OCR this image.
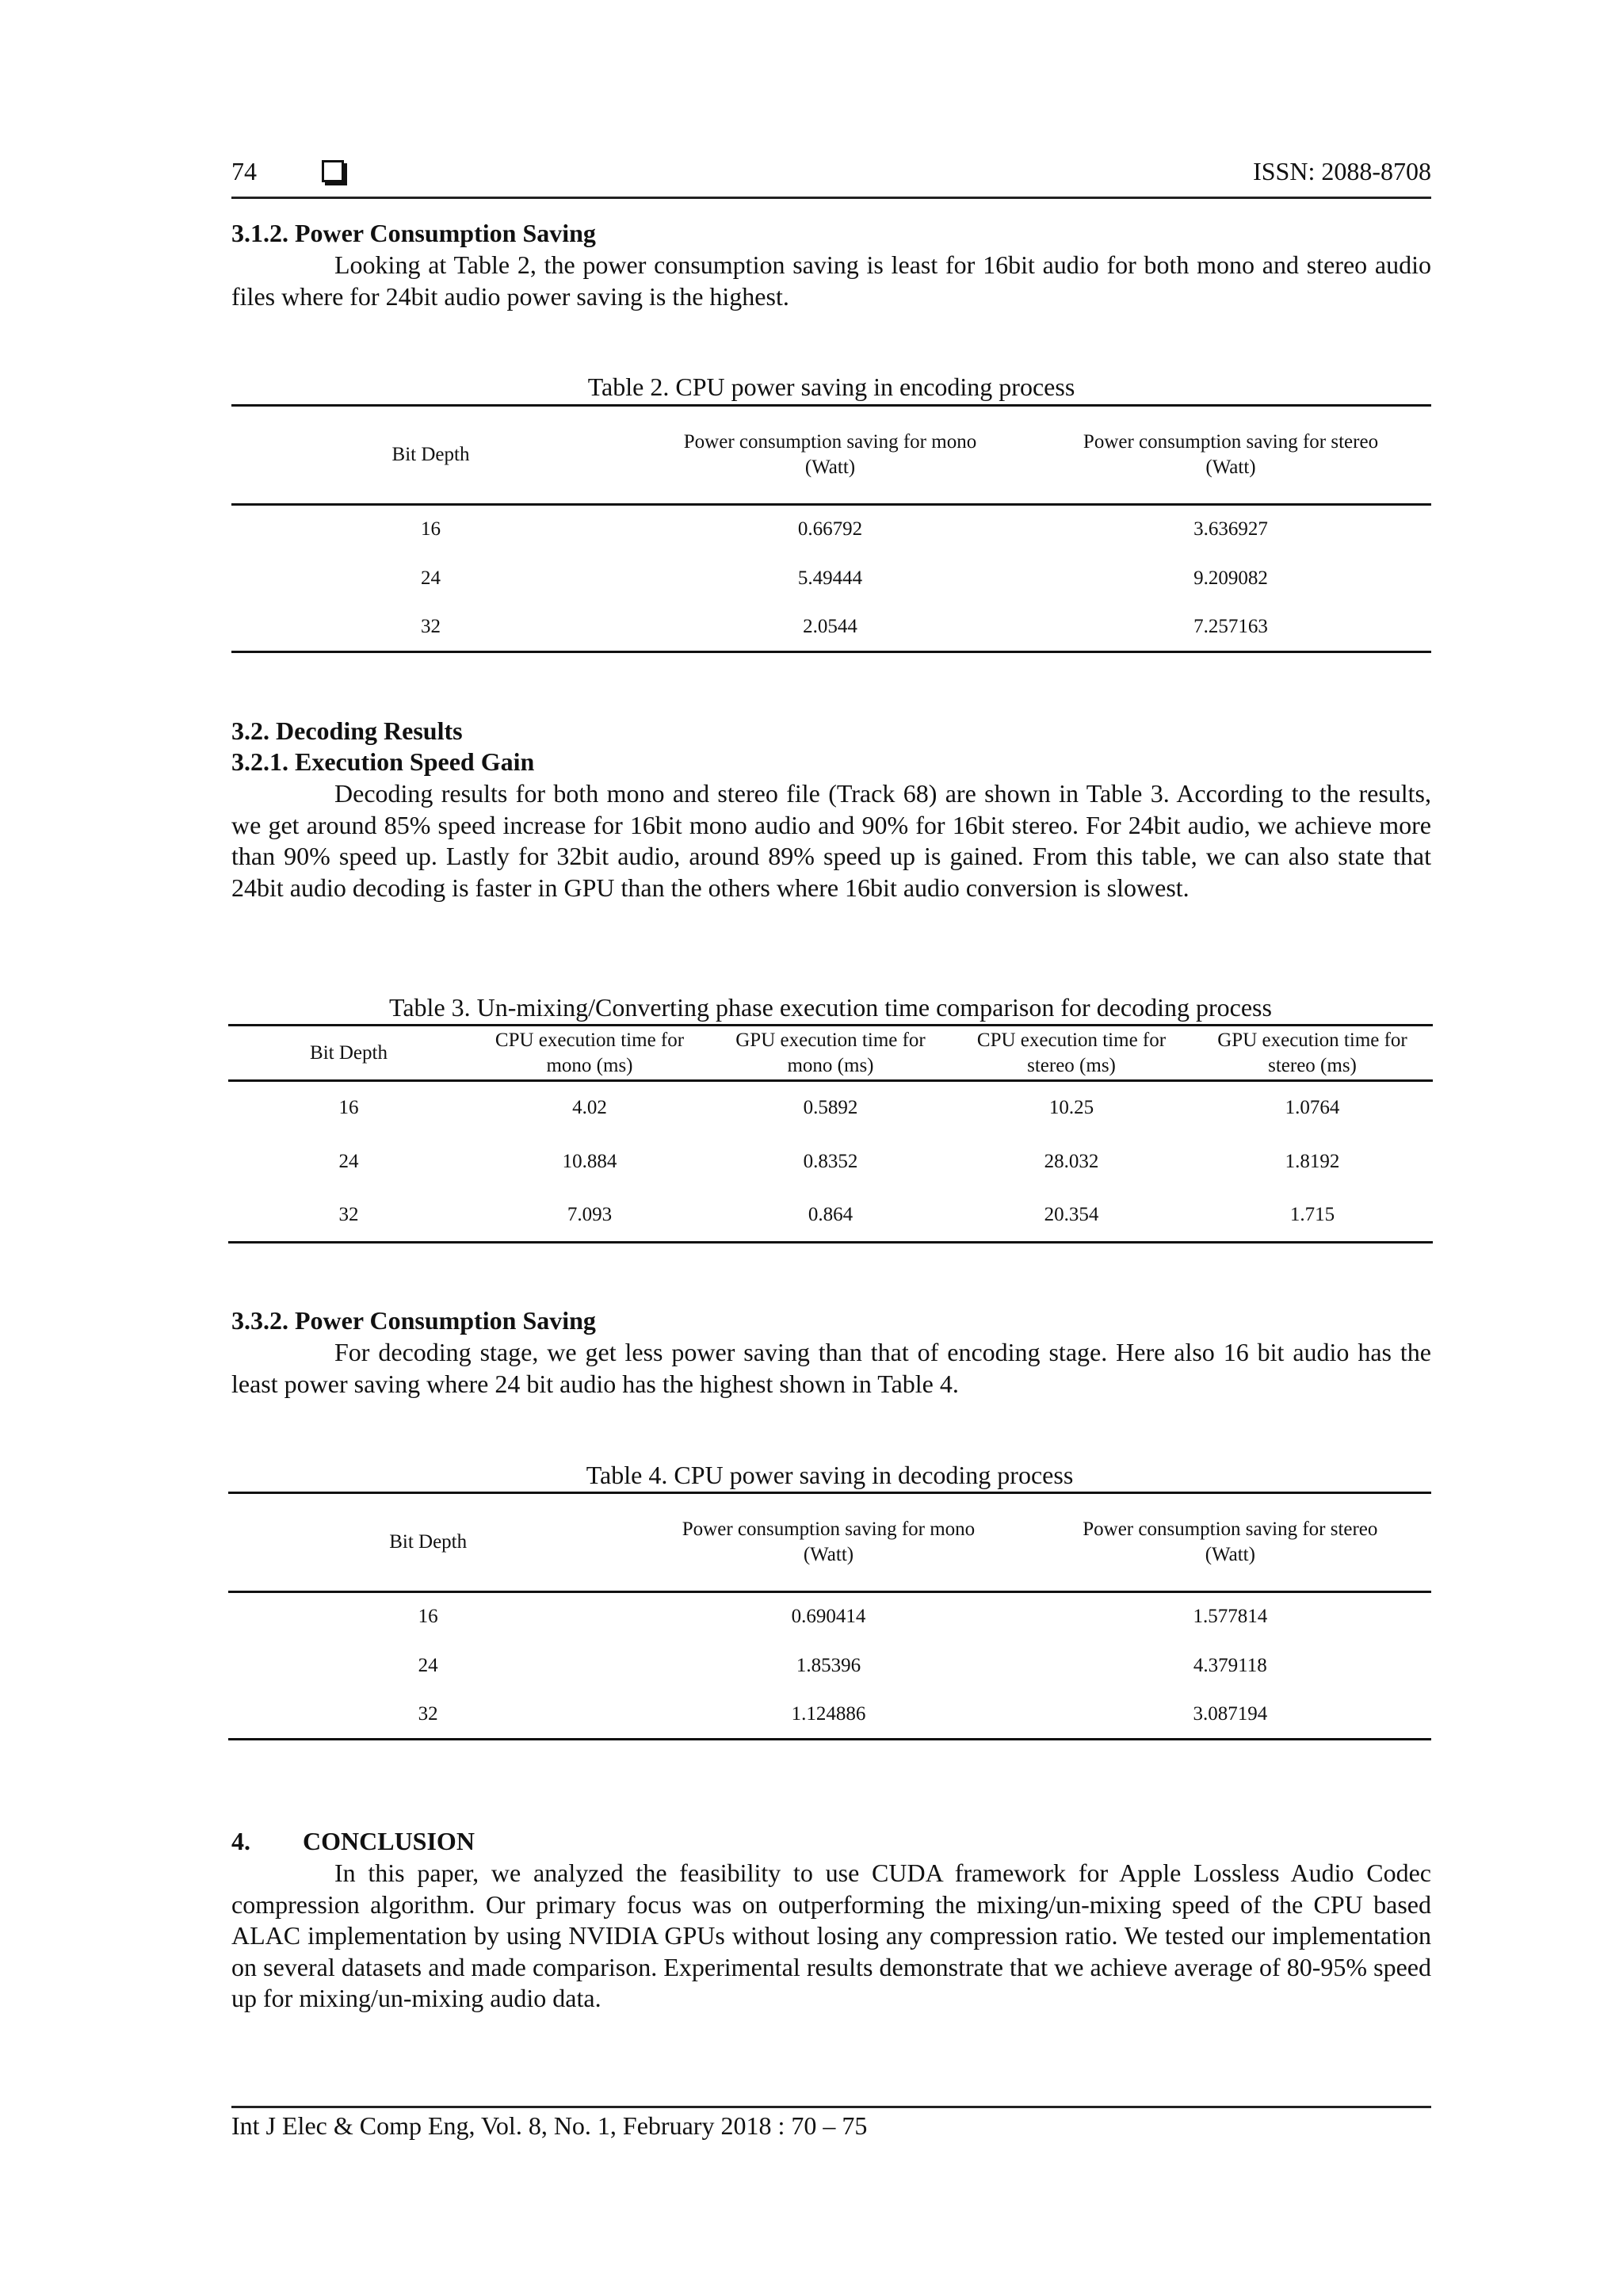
74	ISSN: 2088-8708
3.1.2. Power Consumption Saving

Looking at Table 2, the power consumption saving is least for 16bit audio for both mono and stereo audio files where for 24bit audio power saving is the highest.

Table 2. CPU power saving in encoding process
Bit Depth	Power consumption saving for mono (Watt)	Power consumption saving for stereo (Watt)

16	0.66792	3.636927
24	5.49444	9.209082
32	2.0544	7.257163
3.2. Decoding Results
3.2.1. Execution Speed Gain

Decoding results for both mono and stereo file (Track 68) are shown in Table 3. According to the results, we get around 85% speed increase for 16bit mono audio and 90% for 16bit stereo. For 24bit audio, we achieve more than 90% speed up. Lastly for 32bit audio, around 89% speed up is gained. From this table, we can also state that 24bit audio decoding is faster in GPU than the others where 16bit audio conversion is slowest.

Table 3. Un-mixing/Converting phase execution time comparison for decoding process
Bit Depth	CPU execution time for mono (ms)	GPU execution time for mono (ms)	CPU execution time for stereo (ms)	GPU execution time for stereo (ms)

16	4.02	0.5892	10.25	1.0764
24	10.884	0.8352	28.032	1.8192
32	7.093	0.864	20.354	1.715
3.3.2. Power Consumption Saving

For decoding stage, we get less power saving than that of encoding stage. Here also 16 bit audio has the least power saving where 24 bit audio has the highest shown in Table 4.

Table 4. CPU power saving in decoding process
Bit Depth	Power consumption saving for mono (Watt)	Power consumption saving for stereo (Watt)

16	0.690414	1.577814
24	1.85396	4.379118
32	1.124886	3.087194
4. CONCLUSION

In this paper, we analyzed the feasibility to use CUDA framework for Apple Lossless Audio Codec compression algorithm. Our primary focus was on outperforming the mixing/un-mixing speed of the CPU based ALAC implementation by using NVIDIA GPUs without losing any compression ratio. We tested our implementation on several datasets and made comparison. Experimental results demonstrate that we achieve average of 80-95% speed up for mixing/un-mixing audio data.

Int J Elec & Comp Eng, Vol. 8, No. 1, February 2018 : 70 – 75
